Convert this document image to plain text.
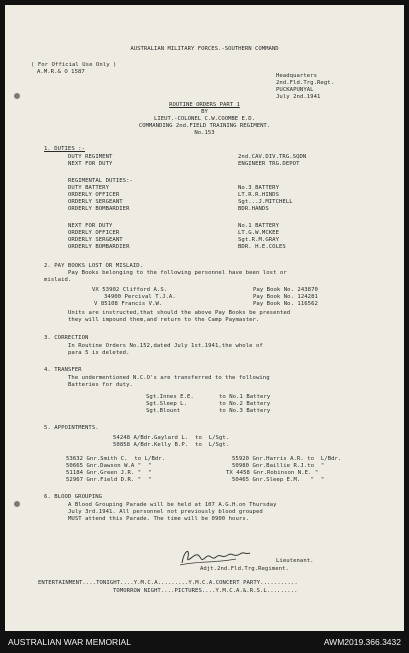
AUSTRALIAN MILITARY FORCES.-SOUTHERN COMMAND
( For Official Use Only )
A.M.R.& O 1587
Headquarters
2nd.Fld.Trg.Regt.
PUCKAPUNYAL
July 2nd.1941
ROUTINE ORDERS PART 1
BY
LIEUT.-COLONEL C.W.COOMBE E.D.
COMMANDING 2nd.FIELD TRAINING REGIMENT.
No.153
1. DUTIES :-
DUTY REGIMENT	2nd.CAV.DIV.TRG.SQDN
NEXT FOR DUTY	ENGINEER TRG.DEPOT
REGIMENTAL DUTIES:-
DUTY BATTERY	No.3 BATTERY
ORDERLY OFFICER	LT.R.R.HINDS
ORDERLY SERGEANT	Sgt...J.MITCHELL
ORDERLY BOMBARDIER	BDR.HANDS
NEXT FOR DUTY	No.1 BATTERY
ORDERLY OFFICER	LT.G.W.MCKEE
ORDERLY SERGEANT	Sgt.R.M.GRAY
ORDERLY BOMBARDIER	BDR. H.E.COLES
2. PAY BOOKS LOST OR MISLAID.
Pay Books belonging to the following personnel have been lost or
mislaid.
VX 53902 Clifford A.S.	Pay Book No. 243870
34900 Percival T.J.A.	Pay Book No. 124281
V 85108 Francis V.W.	Pay Book No. 116562
Units are instructed,that should the above Pay Books be presented
they will impound them,and return to the Camp Paymaster.
3. CORRECTION
In Routine Orders No.152,dated July 1st.1941,the whole of
para 5 is deleted.
4. TRANSFER
The undermentioned N.C.O's are transferred to the following
Batteries for duty.
Sgt.Innes E.E.	to No.1 Battery
Sgt.Sleep L.	to No.2 Battery
Sgt.Blount	to No.3 Battery
5. APPOINTMENTS.
54248 A/Bdr.Gaylard L.  to  L/Sgt.
50858 A/Bdr.Kelly B.P.  to  L/Sgt.
53632 Gnr.Smith C.  to L/Bdr.
50665 Gnr.Dawson W.A "  "
51184 Gnr.Green J.R. "  "
52967 Gnr.Field D.R. "  "
55920 Gnr.Harris A.R. to  L/Bdr.
50980 Gnr.Baillie R.J.to  "
TX 4458 Gnr.Robinson N.E. "
50465 Gnr.Sleep E.M.   "  "
6. BLOOD GROUPING
A Blood Grouping Parade will be held at 107 A.G.H.on Thursday
July 3rd.1941. All personnel not previously blood grouped
MUST attend this Parade. The time will be 0900 hours.
Lieutenant.
Adjt.2nd.Fld.Trg.Regiment.
ENTERTAINMENT....TONIGHT....Y.M.C.A.........Y.M.C.A.CONCERT PARTY...........
TOMORROW NIGHT....PICTURES....Y.M.C.A.&.R.S.L.........
AUSTRALIAN WAR MEMORIAL	AWM2019.366.3432
